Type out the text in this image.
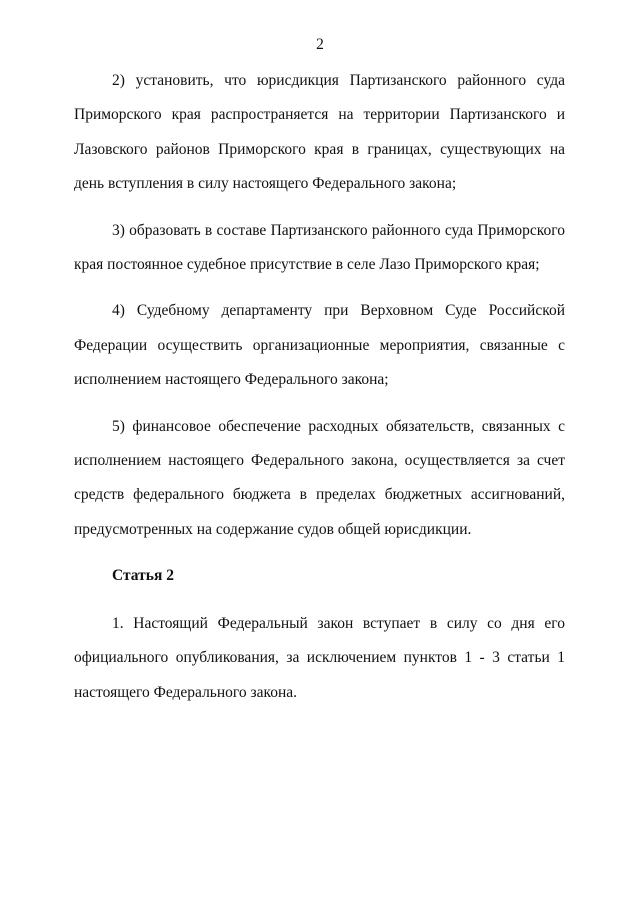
2

2) установить, что юрисдикция Партизанского районного суда Приморского края распространяется на территории Партизанского и Лазовского районов Приморского края в границах, существующих на день вступления в силу настоящего Федерального закона;

3) образовать в составе Партизанского районного суда Приморского края постоянное судебное присутствие в селе Лазо Приморского края;

4) Судебному департаменту при Верховном Суде Российской Федерации осуществить организационные мероприятия, связанные с исполнением настоящего Федерального закона;

5) финансовое обеспечение расходных обязательств, связанных с исполнением настоящего Федерального закона, осуществляется за счет средств федерального бюджета в пределах бюджетных ассигнований, предусмотренных на содержание судов общей юрисдикции.

Статья 2

1. Настоящий Федеральный закон вступает в силу со дня его официального опубликования, за исключением пунктов 1 - 3 статьи 1 настоящего Федерального закона.
